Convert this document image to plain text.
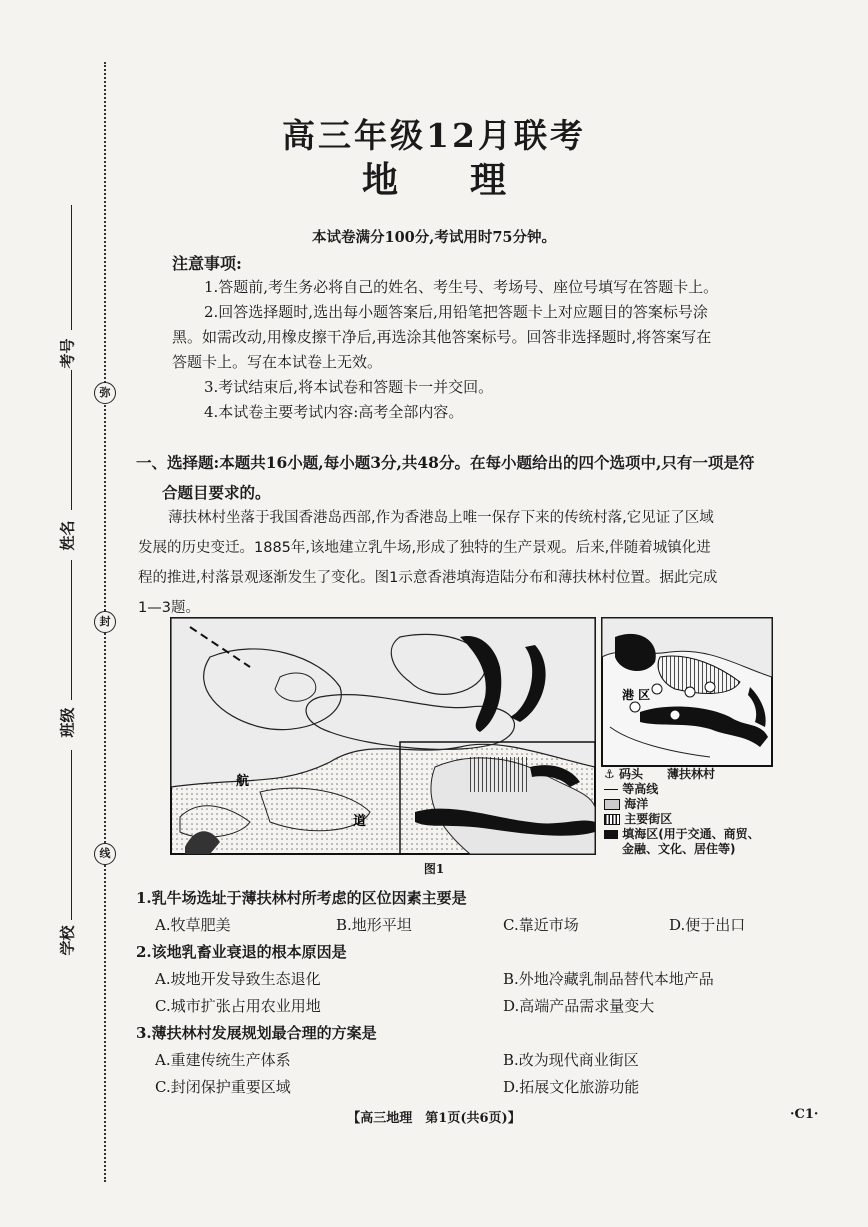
考号
姓名
班级
学校
弥
封
线
高三年级12月联考
地　　理
本试卷满分100分,考试用时75分钟。
注意事项:
1.答题前,考生务必将自己的姓名、考生号、考场号、座位号填写在答题卡上。
2.回答选择题时,选出每小题答案后,用铅笔把答题卡上对应题目的答案标号涂
黑。如需改动,用橡皮擦干净后,再选涂其他答案标号。回答非选择题时,将答案写在
答题卡上。写在本试卷上无效。
3.考试结束后,将本试卷和答题卡一并交回。
4.本试卷主要考试内容:高考全部内容。
一、选择题:本题共16小题,每小题3分,共48分。在每小题给出的四个选项中,只有一项是符
合题目要求的。
薄扶林村坐落于我国香港岛西部,作为香港岛上唯一保存下来的传统村落,它见证了区域
发展的历史变迁。1885年,该地建立乳牛场,形成了独特的生产景观。后来,伴随着城镇化进
程的推进,村落景观逐渐发生了变化。图1示意香港填海造陆分布和薄扶林村位置。据此完成
1—3题。
航
道
港 区
⚓ 码头　　 薄扶林村
等高线
海洋
主要街区
填海区(用于交通、商贸、
金融、文化、居住等)
图1
1.乳牛场选址于薄扶林村所考虑的区位因素主要是
A.牧草肥美	B.地形平坦	C.靠近市场	D.便于出口
2.该地乳畜业衰退的根本原因是
A.坡地开发导致生态退化	B.外地冷藏乳制品替代本地产品
C.城市扩张占用农业用地	D.高端产品需求量变大
3.薄扶林村发展规划最合理的方案是
A.重建传统生产体系	B.改为现代商业街区
C.封闭保护重要区域	D.拓展文化旅游功能
【高三地理　第1页(共6页)】	·C1·
